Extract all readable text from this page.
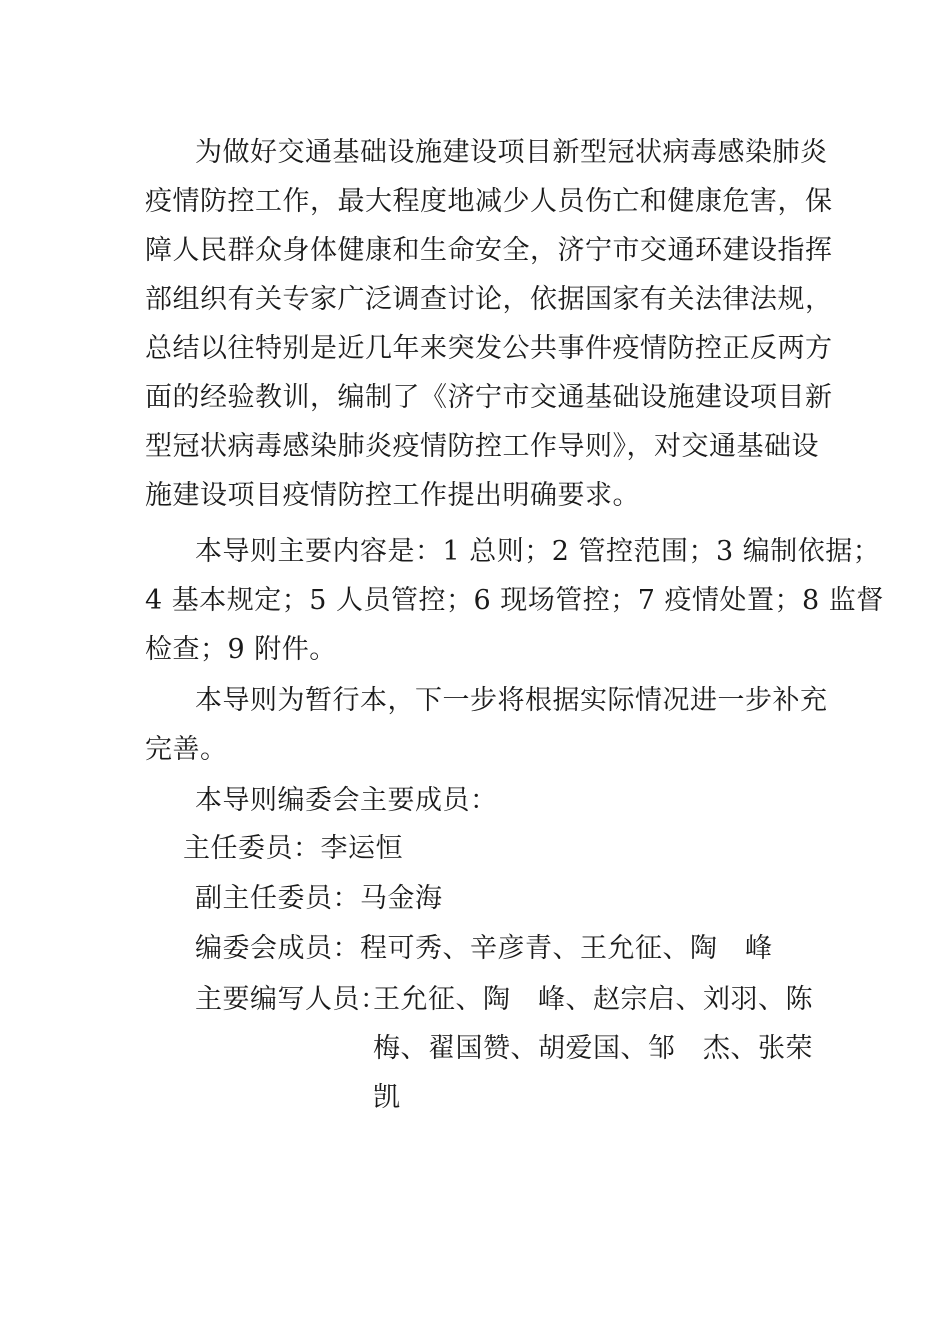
为做好交通基础设施建设项目新型冠状病毒感染肺炎
疫情防控工作，最大程度地减少人员伤亡和健康危害，保
障人民群众身体健康和生命安全，济宁市交通环建设指挥
部组织有关专家广泛调查讨论，依据国家有关法律法规，
总结以往特别是近几年来突发公共事件疫情防控正反两方
面的经验教训，编制了《济宁市交通基础设施建设项目新
型冠状病毒感染肺炎疫情防控工作导则》，对交通基础设
施建设项目疫情防控工作提出明确要求。
本导则主要内容是：1 总则；2 管控范围；3 编制依据；
4 基本规定；5 人员管控；6 现场管控；7 疫情处置；8 监督
检查；9 附件。
本导则为暂行本，下一步将根据实际情况进一步补充
完善。
本导则编委会主要成员：
主任委员：李运恒
副主任委员：马金海
编委会成员：程可秀、辛彦青、王允征、陶　峰
主要编写人员：
王允征、陶　峰、赵宗启、刘羽、陈
梅、翟国赞、胡爱国、邹　杰、张荣
凯
